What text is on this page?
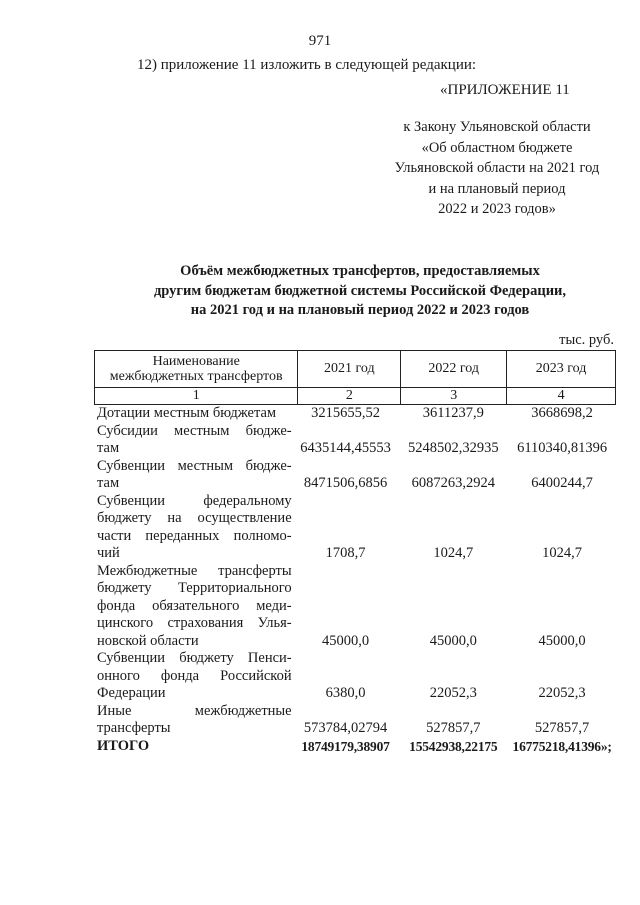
971
12) приложение 11 изложить в следующей редакции:
«ПРИЛОЖЕНИЕ 11
к Закону Ульяновской области
«Об областном бюджете
Ульяновской области на 2021 год
и на плановый период
2022 и 2023 годов»
Объём межбюджетных трансфертов, предоставляемых
другим бюджетам бюджетной системы Российской Федерации,
на 2021 год и на плановый период 2022 и 2023 годов
тыс. руб.
Наименование
межбюджетных трансфертов	2021 год	2022 год	2023 год
1	2	3	4
Дотации местным бюджетам	3215655,52	3611237,9	3668698,2
Субсидии местным бюдже-
там	6435144,45553	5248502,32935	6110340,81396
Субвенции местным бюдже-
там	8471506,6856	6087263,2924	6400244,7
Субвенции федеральному
бюджету на осуществление
части переданных полномо-
чий	1708,7	1024,7	1024,7
Межбюджетные трансферты
бюджету Территориального
фонда обязательного меди-
цинского страхования Улья-
новской области	45000,0	45000,0	45000,0
Субвенции бюджету Пенси-
онного фонда Российской
Федерации	6380,0	22052,3	22052,3
Иные межбюджетные
трансферты	573784,02794	527857,7	527857,7
ИТОГО	18749179,38907	15542938,22175	16775218,41396»;
